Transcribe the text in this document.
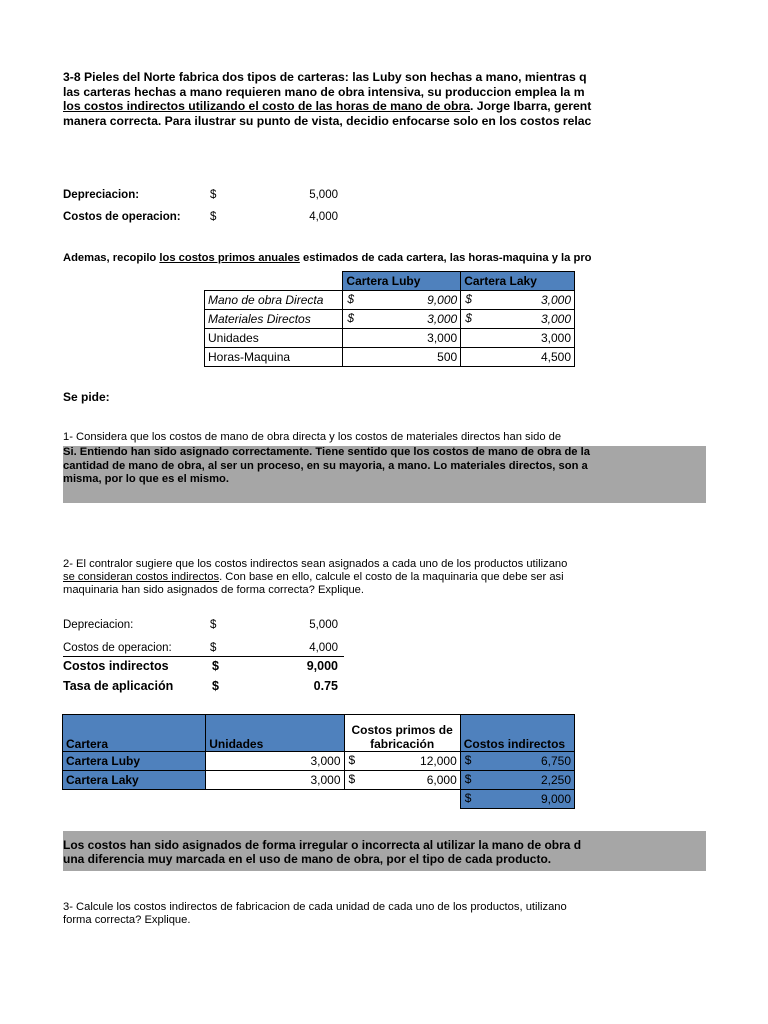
3-8 Pieles del Norte fabrica dos tipos de carteras: las Luby son hechas a mano, mientras q
las carteras hechas a mano requieren mano de obra intensiva, su produccion emplea la m
los costos indirectos utilizando el costo de las horas de mano de obra. Jorge Ibarra, gerent
manera correcta. Para ilustrar su punto de vista, decidio enfocarse solo en los costos relac
Depreciacion:	$	5,000
Costos de operacion:	$	4,000
Ademas, recopilo los costos primos anuales estimados de cada cartera, las horas-maquina y la pro
	Cartera Luby	Cartera Laky
Mano de obra Directa	$ 9,000	$ 3,000
Materiales Directos	$ 3,000	$ 3,000
Unidades	3,000	3,000
Horas-Maquina	500	4,500
Se pide:
1- Considera que los costos de mano de obra directa y los costos de materiales directos han sido de
Si. Entiendo han sido asignado correctamente. Tiene sentido que los costos de mano de obra de la
cantidad de mano de obra, al ser un proceso, en su mayoria, a mano. Lo materiales directos, son a
misma, por lo que es el mismo.
2- El contralor sugiere que los costos indirectos sean asignados a cada uno de los productos utilizano
se consideran costos indirectos. Con base en ello, calcule el costo de la maquinaria que debe ser asi
maquinaria han sido asignados de forma correcta? Explique.
Depreciacion:	$	5,000
Costos de operacion:	$	4,000
Costos indirectos	$	9,000
Tasa de aplicación	$	0.75
Cartera	Unidades	Costos primos de fabricación	Costos indirectos
Cartera Luby	3,000	$ 12,000	$ 6,750
Cartera Laky	3,000	$ 6,000	$ 2,250

			$ 9,000
Los costos han sido asignados de forma irregular o incorrecta al utilizar la mano de obra d
una diferencia muy marcada en el uso de mano de obra, por el tipo de cada producto.
3- Calcule los costos indirectos de fabricacion de cada unidad de cada uno de los productos, utilizano
forma correcta? Explique.
